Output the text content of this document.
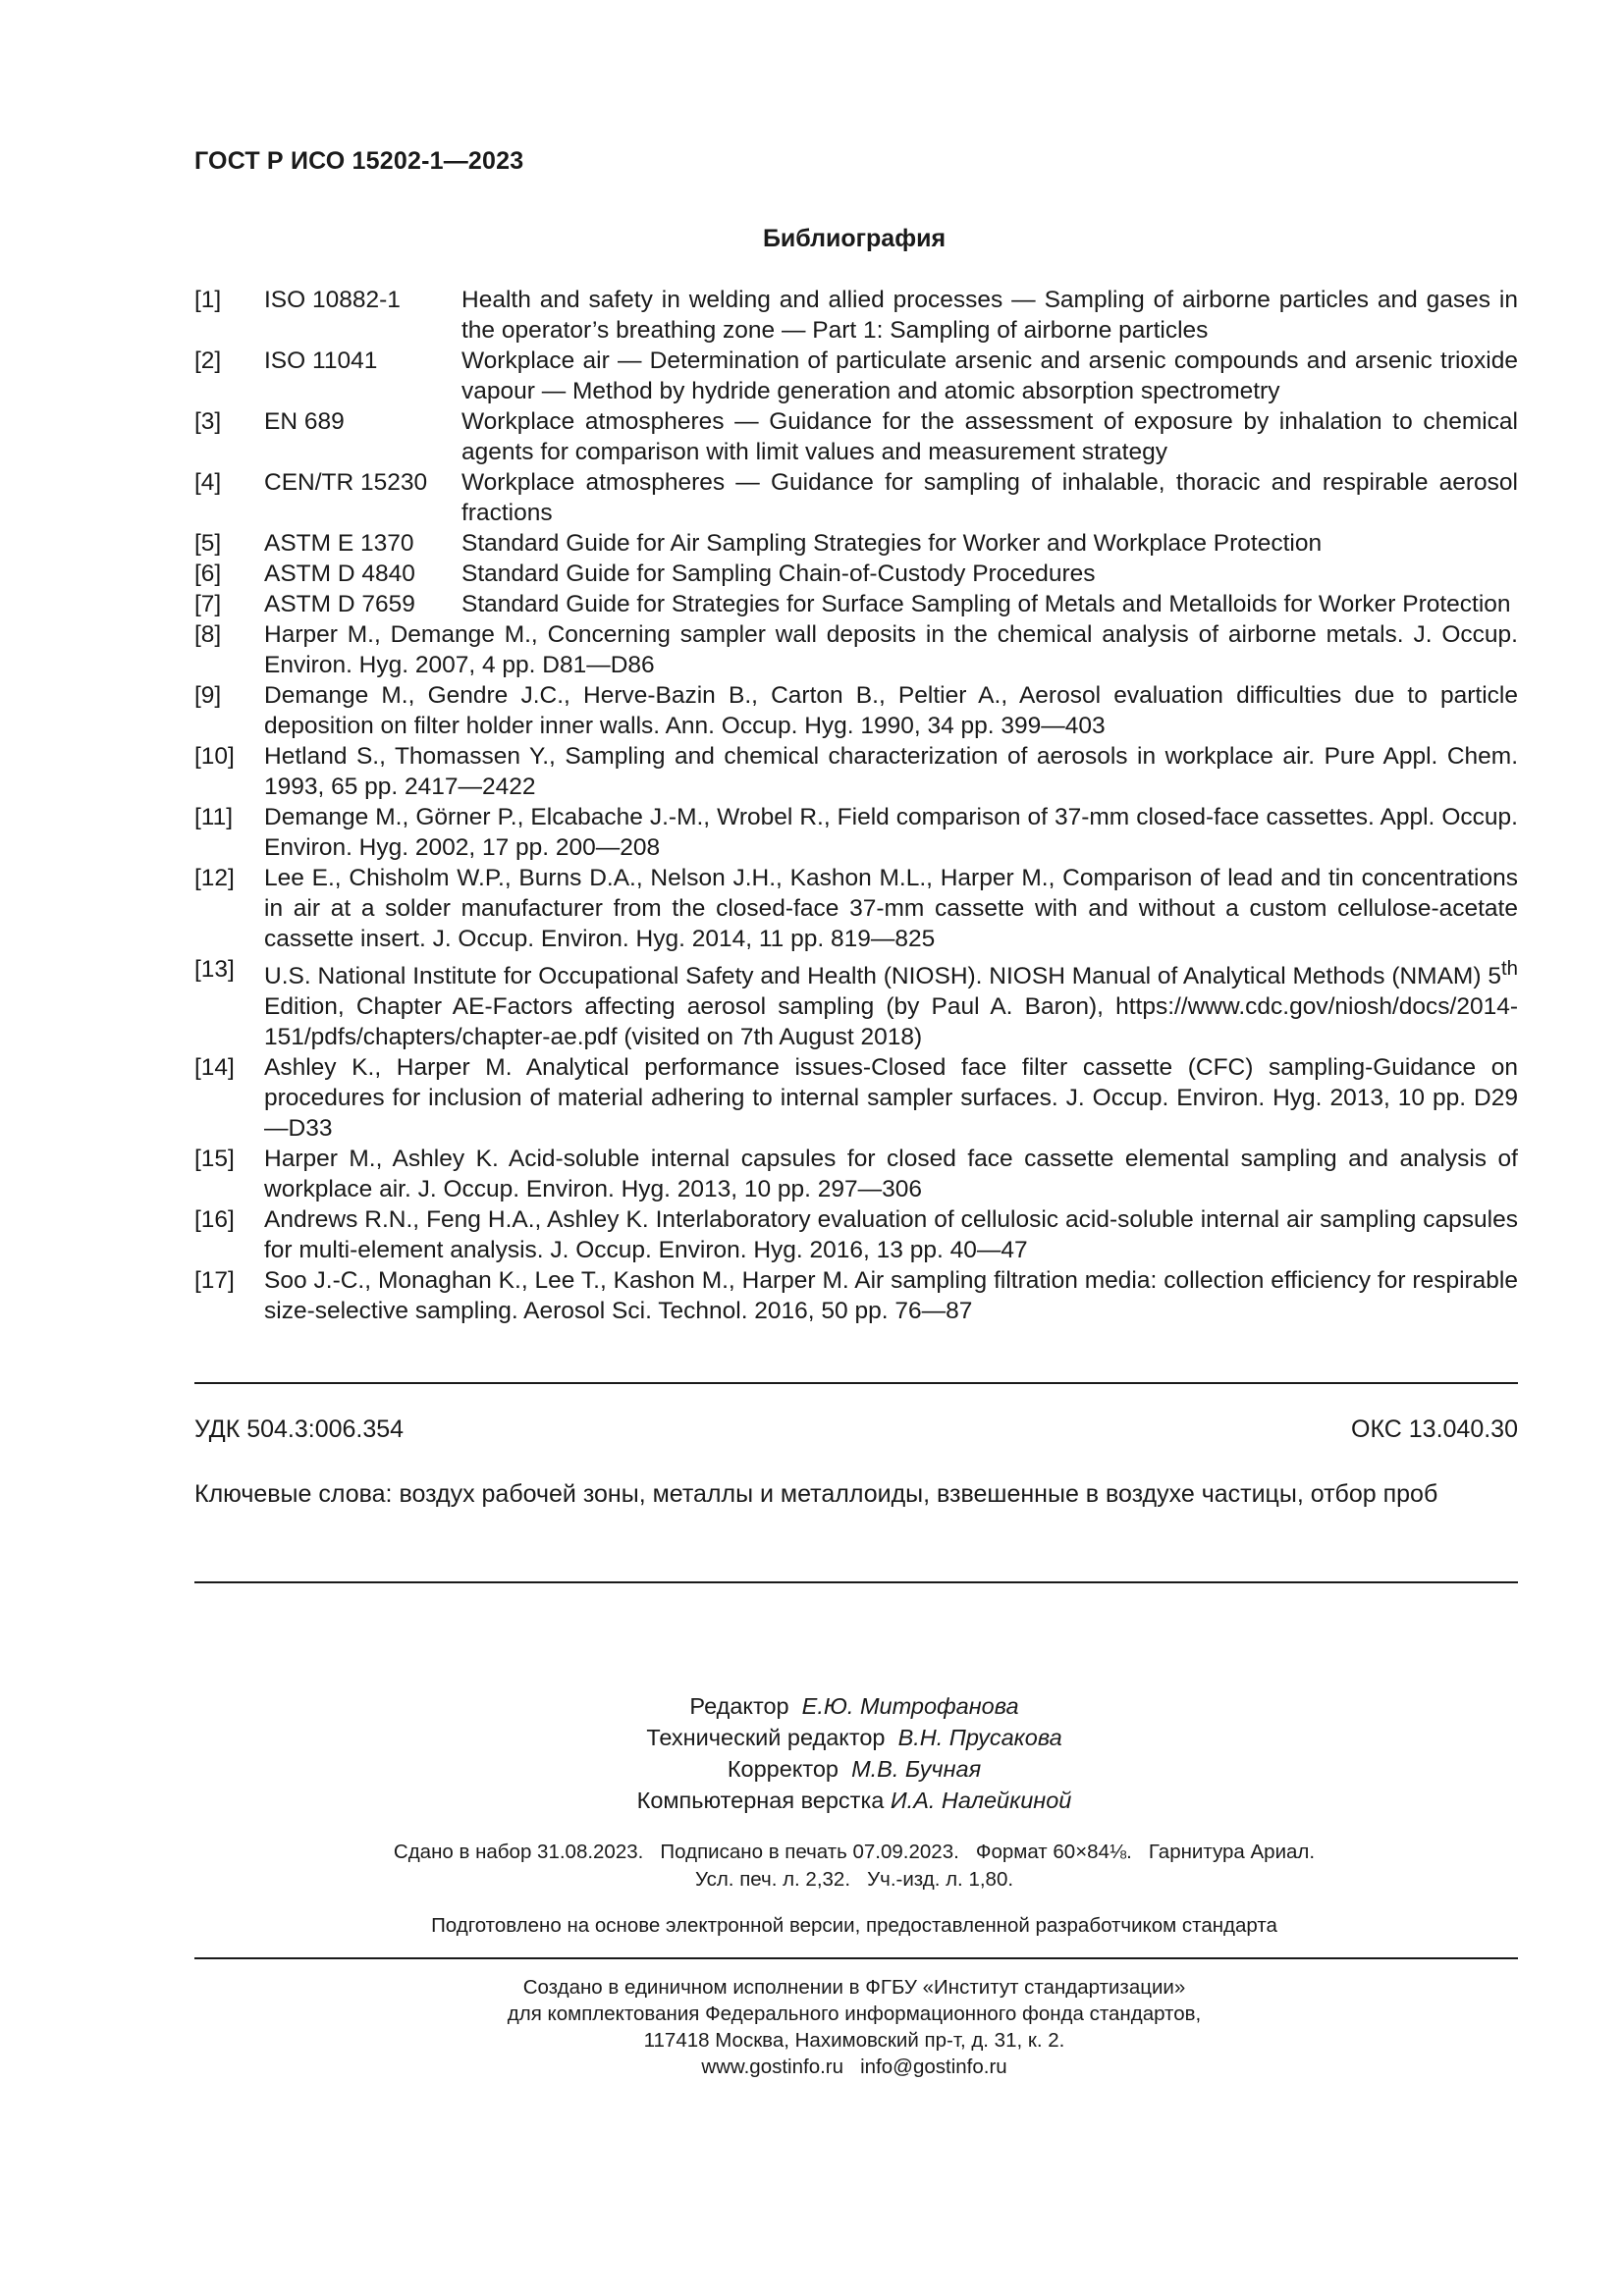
ГОСТ Р ИСО 15202-1—2023
Библиография
[1]	ISO 10882-1	Health and safety in welding and allied processes — Sampling of airborne particles and gases in the operator’s breathing zone — Part 1: Sampling of airborne particles
[2]	ISO 11041	Workplace air — Determination of particulate arsenic and arsenic compounds and arsenic trioxide vapour — Method by hydride generation and atomic absorption spectrometry
[3]	EN 689	Workplace atmospheres — Guidance for the assessment of exposure by inhalation to chemical agents for comparison with limit values and measurement strategy
[4]	CEN/TR 15230	Workplace atmospheres — Guidance for sampling of inhalable, thoracic and respirable aerosol fractions
[5]	ASTM E 1370	Standard Guide for Air Sampling Strategies for Worker and Workplace Protection
[6]	ASTM D 4840	Standard Guide for Sampling Chain-of-Custody Procedures
[7]	ASTM D 7659	Standard Guide for Strategies for Surface Sampling of Metals and Metalloids for Worker Protection
[8]	Harper M., Demange M., Concerning sampler wall deposits in the chemical analysis of airborne metals. J. Occup. Environ. Hyg. 2007, 4 pp. D81—D86
[9]	Demange M., Gendre J.C., Herve-Bazin B., Carton B., Peltier A., Aerosol evaluation difficulties due to particle deposition on filter holder inner walls. Ann. Occup. Hyg. 1990, 34 pp. 399—403
[10]	Hetland S., Thomassen Y., Sampling and chemical characterization of aerosols in workplace air. Pure Appl. Chem. 1993, 65 pp. 2417—2422
[11]	Demange M., Görner P., Elcabache J.-M., Wrobel R., Field comparison of 37-mm closed-face cassettes. Appl. Occup. Environ. Hyg. 2002, 17 pp. 200—208
[12]	Lee E., Chisholm W.P., Burns D.A., Nelson J.H., Kashon M.L., Harper M., Comparison of lead and tin concentrations in air at a solder manufacturer from the closed-face 37-mm cassette with and without a custom cellulose-acetate cassette insert. J. Occup. Environ. Hyg. 2014, 11 pp. 819—825
[13]	U.S. National Institute for Occupational Safety and Health (NIOSH). NIOSH Manual of Analytical Methods (NMAM) 5th Edition, Chapter AE-Factors affecting aerosol sampling (by Paul A. Baron), https://www.cdc.gov/niosh/docs/2014-151/pdfs/chapters/chapter-ae.pdf (visited on 7th August 2018)
[14]	Ashley K., Harper M. Analytical performance issues-Closed face filter cassette (CFC) sampling-Guidance on procedures for inclusion of material adhering to internal sampler surfaces. J. Occup. Environ. Hyg. 2013, 10 pp. D29—D33
[15]	Harper M., Ashley K. Acid-soluble internal capsules for closed face cassette elemental sampling and analysis of workplace air. J. Occup. Environ. Hyg. 2013, 10 pp. 297—306
[16]	Andrews R.N., Feng H.A., Ashley K. Interlaboratory evaluation of cellulosic acid-soluble internal air sampling capsules for multi-element analysis. J. Occup. Environ. Hyg. 2016, 13 pp. 40—47
[17]	Soo J.-C., Monaghan K., Lee T., Kashon M., Harper M. Air sampling filtration media: collection efficiency for respirable size-selective sampling. Aerosol Sci. Technol. 2016, 50 pp. 76—87
УДК 504.3:006.354	ОКС 13.040.30
Ключевые слова: воздух рабочей зоны, металлы и металлоиды, взвешенные в воздухе частицы, отбор проб
Редактор Е.Ю. Митрофанова
Технический редактор В.Н. Прусакова
Корректор М.В. Бучная
Компьютерная верстка И.А. Налейкиной
Сдано в набор 31.08.2023.   Подписано в печать 07.09.2023.   Формат 60×84⅛.   Гарнитура Ариал.
Усл. печ. л. 2,32.   Уч.-изд. л. 1,80.
Подготовлено на основе электронной версии, предоставленной разработчиком стандарта
Создано в единичном исполнении в ФГБУ «Институт стандартизации»
для комплектования Федерального информационного фонда стандартов,
117418 Москва, Нахимовский пр-т, д. 31, к. 2.
www.gostinfo.ru   info@gostinfo.ru
